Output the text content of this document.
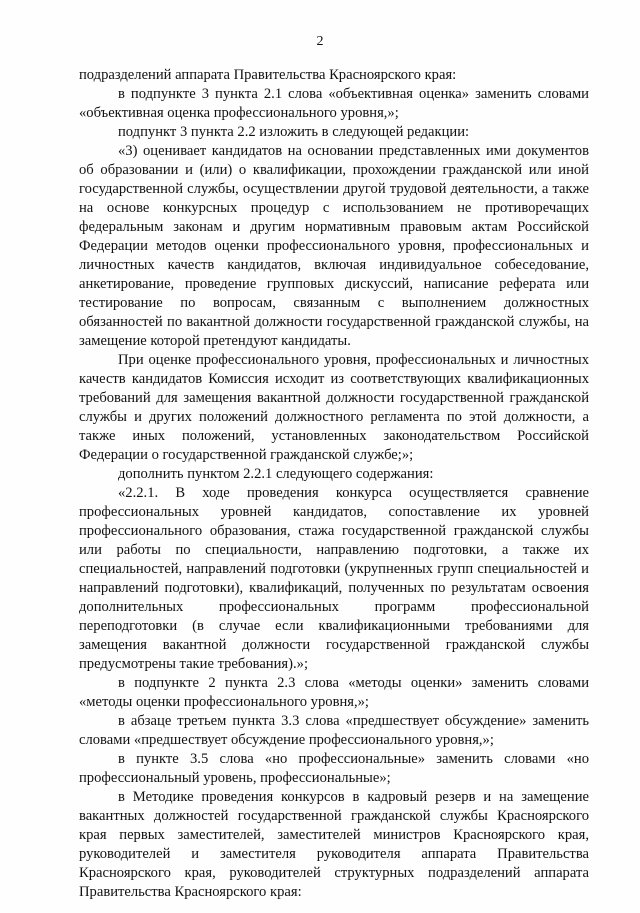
2

подразделений аппарата Правительства Красноярского края:

в подпункте 3 пункта 2.1 слова «объективная оценка» заменить словами «объективная оценка профессионального уровня,»;

подпункт 3 пункта 2.2 изложить в следующей редакции:

«3) оценивает кандидатов на основании представленных ими документов об образовании и (или) о квалификации, прохождении гражданской или иной государственной службы, осуществлении другой трудовой деятельности, а также на основе конкурсных процедур с использованием не противоречащих федеральным законам и другим нормативным правовым актам Российской Федерации методов оценки профессионального уровня, профессиональных и личностных качеств кандидатов, включая индивидуальное собеседование, анкетирование, проведение групповых дискуссий, написание реферата или тестирование по вопросам, связанным с выполнением должностных обязанностей по вакантной должности государственной гражданской службы, на замещение которой претендуют кандидаты.

При оценке профессионального уровня, профессиональных и личностных качеств кандидатов Комиссия исходит из соответствующих квалификационных требований для замещения вакантной должности государственной гражданской службы и других положений должностного регламента по этой должности, а также иных положений, установленных законодательством Российской Федерации о государственной гражданской службе;»;

дополнить пунктом 2.2.1 следующего содержания:

«2.2.1. В ходе проведения конкурса осуществляется сравнение профессиональных уровней кандидатов, сопоставление их уровней профессионального образования, стажа государственной гражданской службы или работы по специальности, направлению подготовки, а также их специальностей, направлений подготовки (укрупненных групп специальностей и направлений подготовки), квалификаций, полученных по результатам освоения дополнительных профессиональных программ профессиональной переподготовки (в случае если квалификационными требованиями для замещения вакантной должности государственной гражданской службы предусмотрены такие требования).»;

в подпункте 2 пункта 2.3 слова «методы оценки» заменить словами «методы оценки профессионального уровня,»;

в абзаце третьем пункта 3.3 слова «предшествует обсуждение» заменить словами «предшествует обсуждение профессионального уровня,»;

в пункте 3.5 слова «но профессиональные» заменить словами «но профессиональный уровень, профессиональные»;

в Методике проведения конкурсов в кадровый резерв и на замещение вакантных должностей государственной гражданской службы Красноярского края первых заместителей, заместителей министров Красноярского края, руководителей и заместителя руководителя аппарата Правительства Красноярского края, руководителей структурных подразделений аппарата Правительства Красноярского края:
